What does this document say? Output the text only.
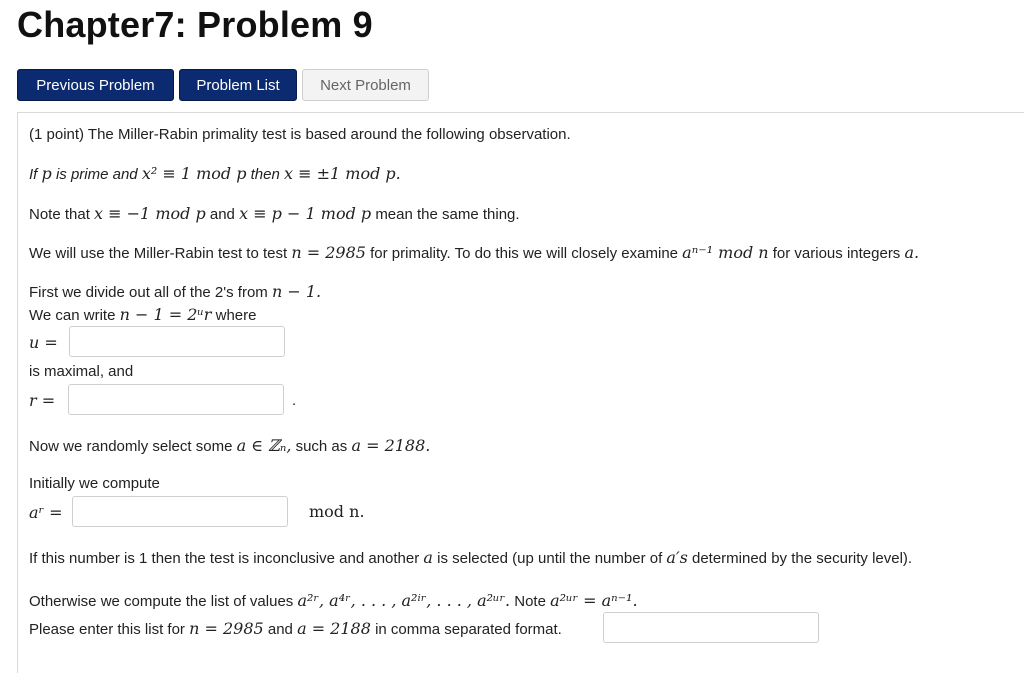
Chapter7: Problem 9
Previous Problem	Problem List	Next Problem
(1 point) The Miller-Rabin primality test is based around the following observation.
If p is prime and x² ≡ 1 mod p then x ≡ ±1 mod p.
Note that x ≡ −1 mod p and x ≡ p − 1 mod p mean the same thing.
We will use the Miller-Rabin test to test n = 2985 for primality. To do this we will closely examine aⁿ⁻¹ mod n for various integers a.
First we divide out all of the 2's from n − 1.
We can write n − 1 = 2ᵘr where
u =
is maximal, and
r =	.
Now we randomly select some a ∈ ℤₙ, such as a = 2188.
Initially we compute
aʳ =	mod n.
If this number is 1 then the test is inconclusive and another a is selected (up until the number of a′s determined by the security level).
Otherwise we compute the list of values a²ʳ, a⁴ʳ, . . . , a²ⁱʳ, . . . , a²ᵘʳ. Note a²ᵘʳ = aⁿ⁻¹.
Please enter this list for n = 2985 and a = 2188 in comma separated format.
